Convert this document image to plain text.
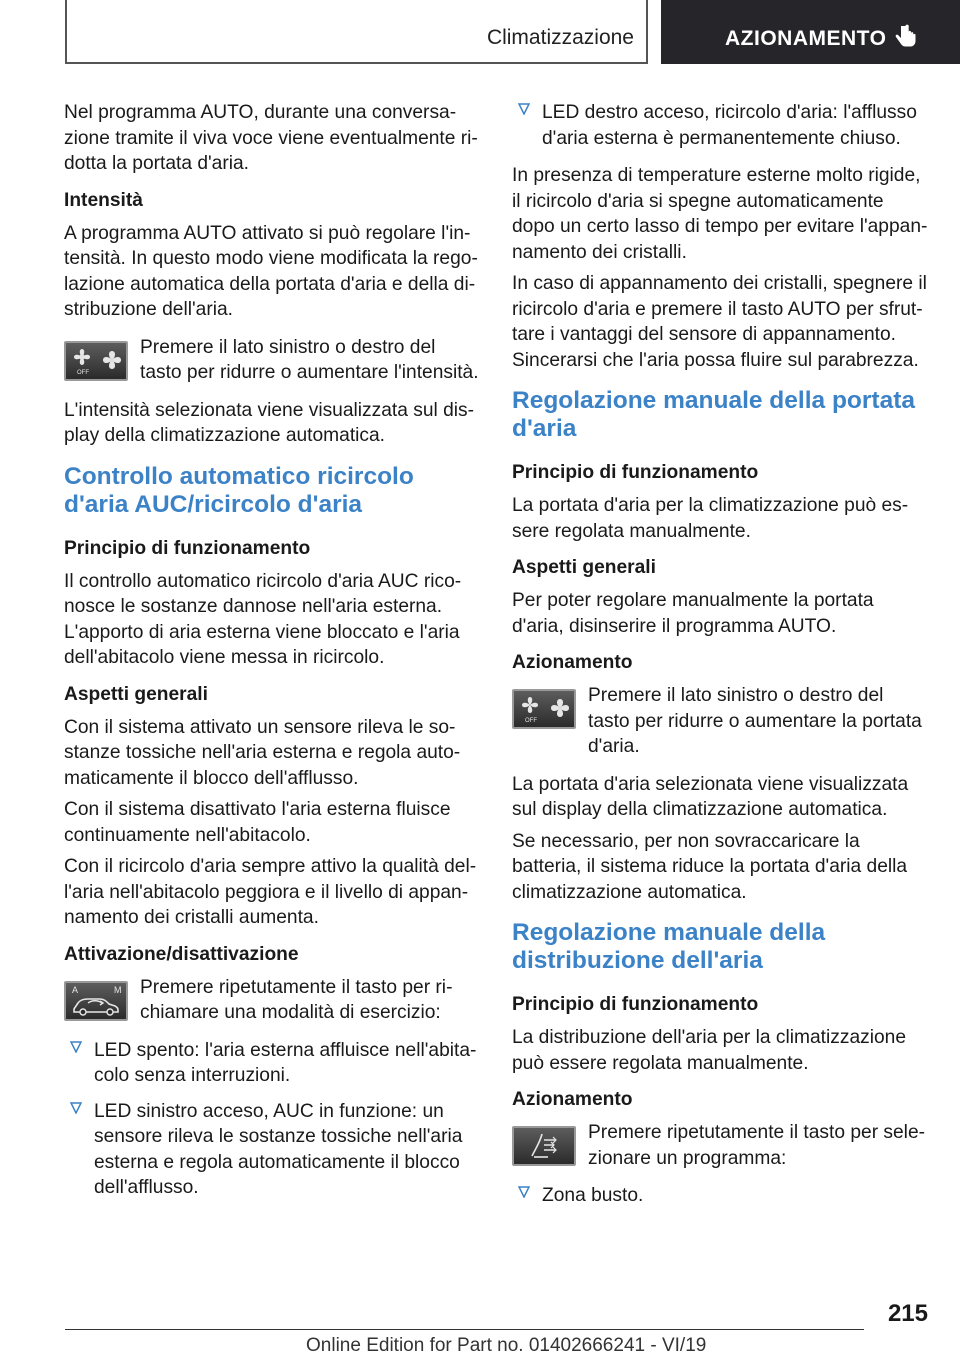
Climatizzazione	AZIONAMENTO

Nel programma AUTO, durante una conversazione tramite il viva voce viene eventualmente ridotta la portata d'aria.

Intensità

A programma AUTO attivato si può regolare l'intensità. In questo modo viene modificata la regolazione automatica della portata d'aria e della distribuzione dell'aria.

OFF

Premere il lato sinistro o destro del tasto per ridurre o aumentare l'intensità.

L'intensità selezionata viene visualizzata sul display della climatizzazione automatica.

Controllo automatico ricircolo d'aria AUC/ricircolo d'aria
Principio di funzionamento

Il controllo automatico ricircolo d'aria AUC riconosce le sostanze dannose nell'aria esterna. L'apporto di aria esterna viene bloccato e l'aria dell'abitacolo viene messa in ricircolo.

Aspetti generali

Con il sistema attivato un sensore rileva le sostanze tossiche nell'aria esterna e regola automaticamente il blocco dell'afflusso.

Con il sistema disattivato l'aria esterna fluisce continuamente nell'abitacolo.

Con il ricircolo d'aria sempre attivo la qualità dell'aria nell'abitacolo peggiora e il livello di appannamento dei cristalli aumenta.

Attivazione/disattivazione
A	M Premere ripetutamente il tasto per richiamare una modalità di esercizio:

LED spento: l'aria esterna affluisce nell'abitacolo senza interruzioni.
LED sinistro acceso, AUC in funzione: un sensore rileva le sostanze tossiche nell'aria esterna e regola automaticamente il blocco dell'afflusso.
LED destro acceso, ricircolo d'aria: l'afflusso d'aria esterna è permanentemente chiuso.

In presenza di temperature esterne molto rigide, il ricircolo d'aria si spegne automaticamente dopo un certo lasso di tempo per evitare l'appannamento dei cristalli.

In caso di appannamento dei cristalli, spegnere il ricircolo d'aria e premere il tasto AUTO per sfruttare i vantaggi del sensore di appannamento. Sincerarsi che l'aria possa fluire sul parabrezza.

Regolazione manuale della portata d'aria
Principio di funzionamento

La portata d'aria per la climatizzazione può essere regolata manualmente.

Aspetti generali

Per poter regolare manualmente la portata d'aria, disinserire il programma AUTO.

Azionamento
OFF

Premere il lato sinistro o destro del tasto per ridurre o aumentare la portata d'aria.

La portata d'aria selezionata viene visualizzata sul display della climatizzazione automatica.

Se necessario, per non sovraccaricare la batteria, il sistema riduce la portata d'aria della climatizzazione automatica.

Regolazione manuale della distribuzione dell'aria
Principio di funzionamento

La distribuzione dell'aria per la climatizzazione può essere regolata manualmente.

Azionamento

Premere ripetutamente il tasto per selezionare un programma:

Zona busto.
215
Online Edition for Part no. 01402666241 - VI/19
